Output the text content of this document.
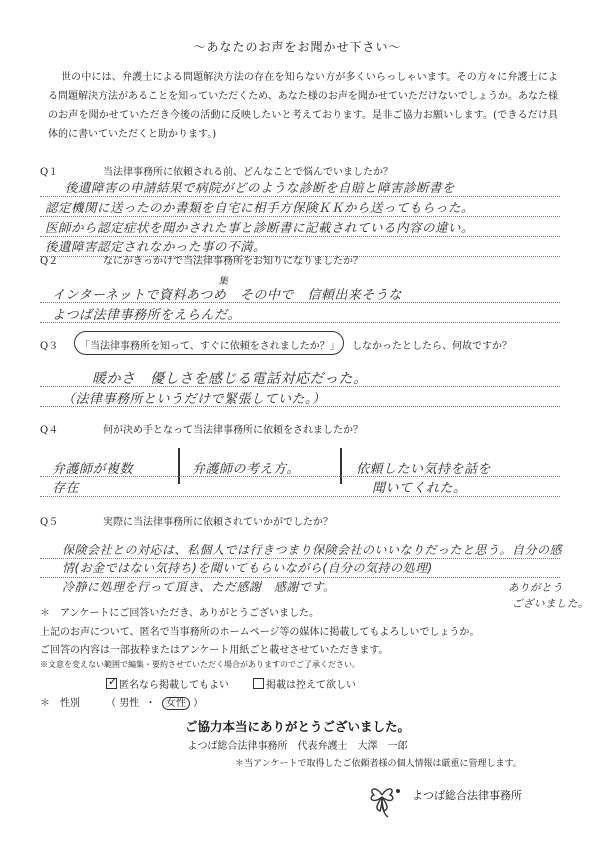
～あなたのお声をお聞かせ下さい～

世の中には、弁護士による問題解決方法の存在を知らない方が多くいらっしゃいます。その方々に弁護士による問題解決方法があることを知っていただくため、あなた様のお声を聞かせていただけないでしょうか。あなた様のお声を聞かせていただき今後の活動に反映したいと考えております。是非ご協力お願いします。(できるだけ具体的に書いていただくと助かります。)

Q１	当法律事務所に依頼される前、どんなことで悩んでいましたか？
後遺障害の申請結果で病院がどのような診断を自賠と障害診断書を
認定機関に送ったのか書類を自宅に相手方保険ＫＫから送ってもらった。
医師から認定症状を聞かされた事と診断書に記載されている内容の違い。
後遺障害認定されなかった事の不満。
Q２	なにがきっかけで当法律事務所をお知りになりましたか？
集
インターネットで資料あつめ　その中で　信頼出来そうな
よつば法律事務所をえらんだ。
Q３ 「当法律事務所を知って、すぐに依頼をされましたか？」 しなかったとしたら、何故ですか？
暖かさ　優しさを感じる電話対応だった。
（法律事務所というだけで緊張していた。）
Q４	何が決め手となって当法律事務所に依頼をされましたか？
弁護師が複数
存在
弁護師の考え方。	依頼したい気持を話を
聞いてくれた。
Q５	実際に当法律事務所に依頼されていかがでしたか？
保険会社との対応は、私個人では行きつまり保険会社のいいなりだったと思う。自分の感情(お金ではない気持ち)を聞いてもらいながら(自分の気持の処理)
冷静に処理を行って頂き、ただ感謝　感謝です。	ありがとう
ございました。
＊　アンケートにご回答いただき、ありがとうございました。
上記のお声について、匿名で当事務所のホームページ等の媒体に掲載してもよろしいでしょうか。
ご回答の内容は一部抜粋またはアンケート用紙ごと載せさせていただきます。
※文意を変えない範囲で編集・要約させていただく場合がありますのでご了承ください。
✓ 匿名なら掲載してもよい	掲載は控えて欲しい
＊　性別	（ 男性 ・ 女性 ）
ご協力本当にありがとうございました。
よつば総合法律事務所　代表弁護士　大澤　一郎
＊当アンケートで取得したご依頼者様の個人情報は厳重に管理します。
よつば総合法律事務所
